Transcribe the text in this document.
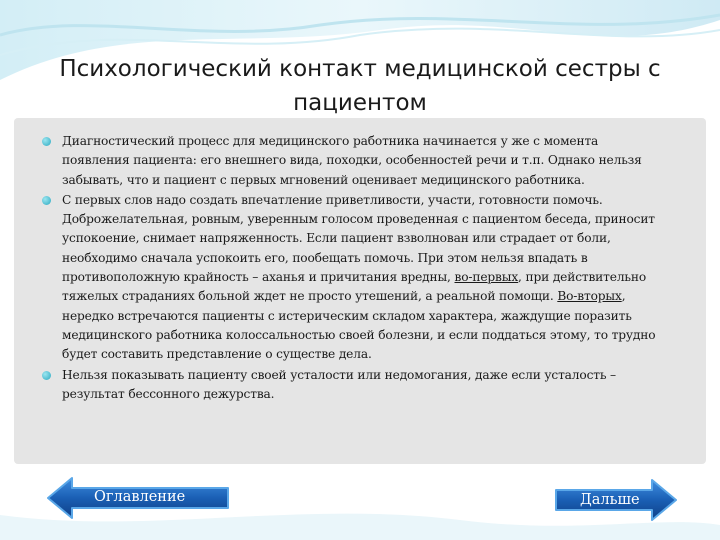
Психологический контакт медицинской сестры с пациентом
Диагностический процесс для медицинского работника начинается у же с момента появления пациента: его внешнего вида, походки, особенностей речи и т.п. Однако нельзя забывать, что и пациент с первых мгновений оценивает медицинского работника.
С первых слов надо создать впечатление приветливости, участи, готовности помочь. Доброжелательная, ровным, уверенным голосом проведенная с пациентом беседа, приносит успокоение, снимает напряженность. Если пациент взволнован или страдает от боли, необходимо сначала успокоить его, пообещать помочь. При этом нельзя впадать в противоположную крайность – аханья и причитания вредны, во-первых, при действительно тяжелых страданиях больной ждет не просто утешений, а реальной помощи. Во-вторых, нередко встречаются пациенты с истерическим складом характера, жаждущие поразить медицинского работника колоссальностью своей болезни, и если поддаться этому, то трудно будет составить представление о существе дела.
Нельзя показывать пациенту своей усталости или недомогания, даже если усталость – результат бессонного дежурства.
Оглавление	Дальше
